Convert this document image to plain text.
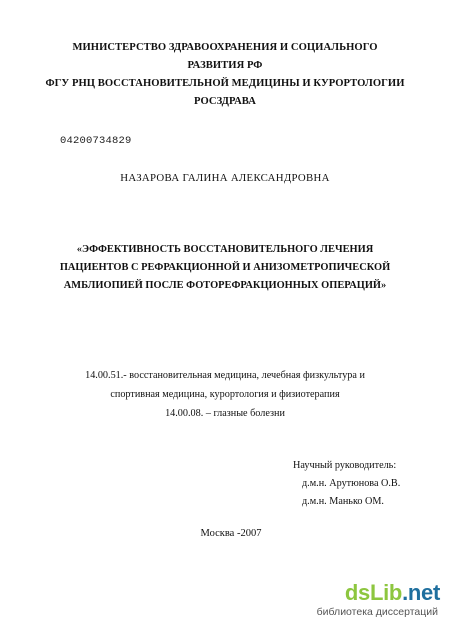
МИНИСТЕРСТВО ЗДРАВООХРАНЕНИЯ И СОЦИАЛЬНОГО
РАЗВИТИЯ РФ
ФГУ РНЦ ВОССТАНОВИТЕЛЬНОЙ МЕДИЦИНЫ И КУРОРТОЛОГИИ
РОСЗДРАВА
04200734829
НАЗАРОВА ГАЛИНА АЛЕКСАНДРОВНА
«ЭФФЕКТИВНОСТЬ ВОССТАНОВИТЕЛЬНОГО ЛЕЧЕНИЯ
ПАЦИЕНТОВ С РЕФРАКЦИОННОЙ И АНИЗОМЕТРОПИЧЕСКОЙ
АМБЛИОПИЕЙ ПОСЛЕ ФОТОРЕФРАКЦИОННЫХ ОПЕРАЦИЙ»
14.00.51.- восстановительная медицина, лечебная физкультура и
спортивная медицина, курортология и физиотерапия
14.00.08. – глазные болезни
Научный руководитель:
д.м.н. Арутюнова О.В.
д.м.н. Манько ОМ.
Москва -2007
dsLib.net
библиотека диссертаций
